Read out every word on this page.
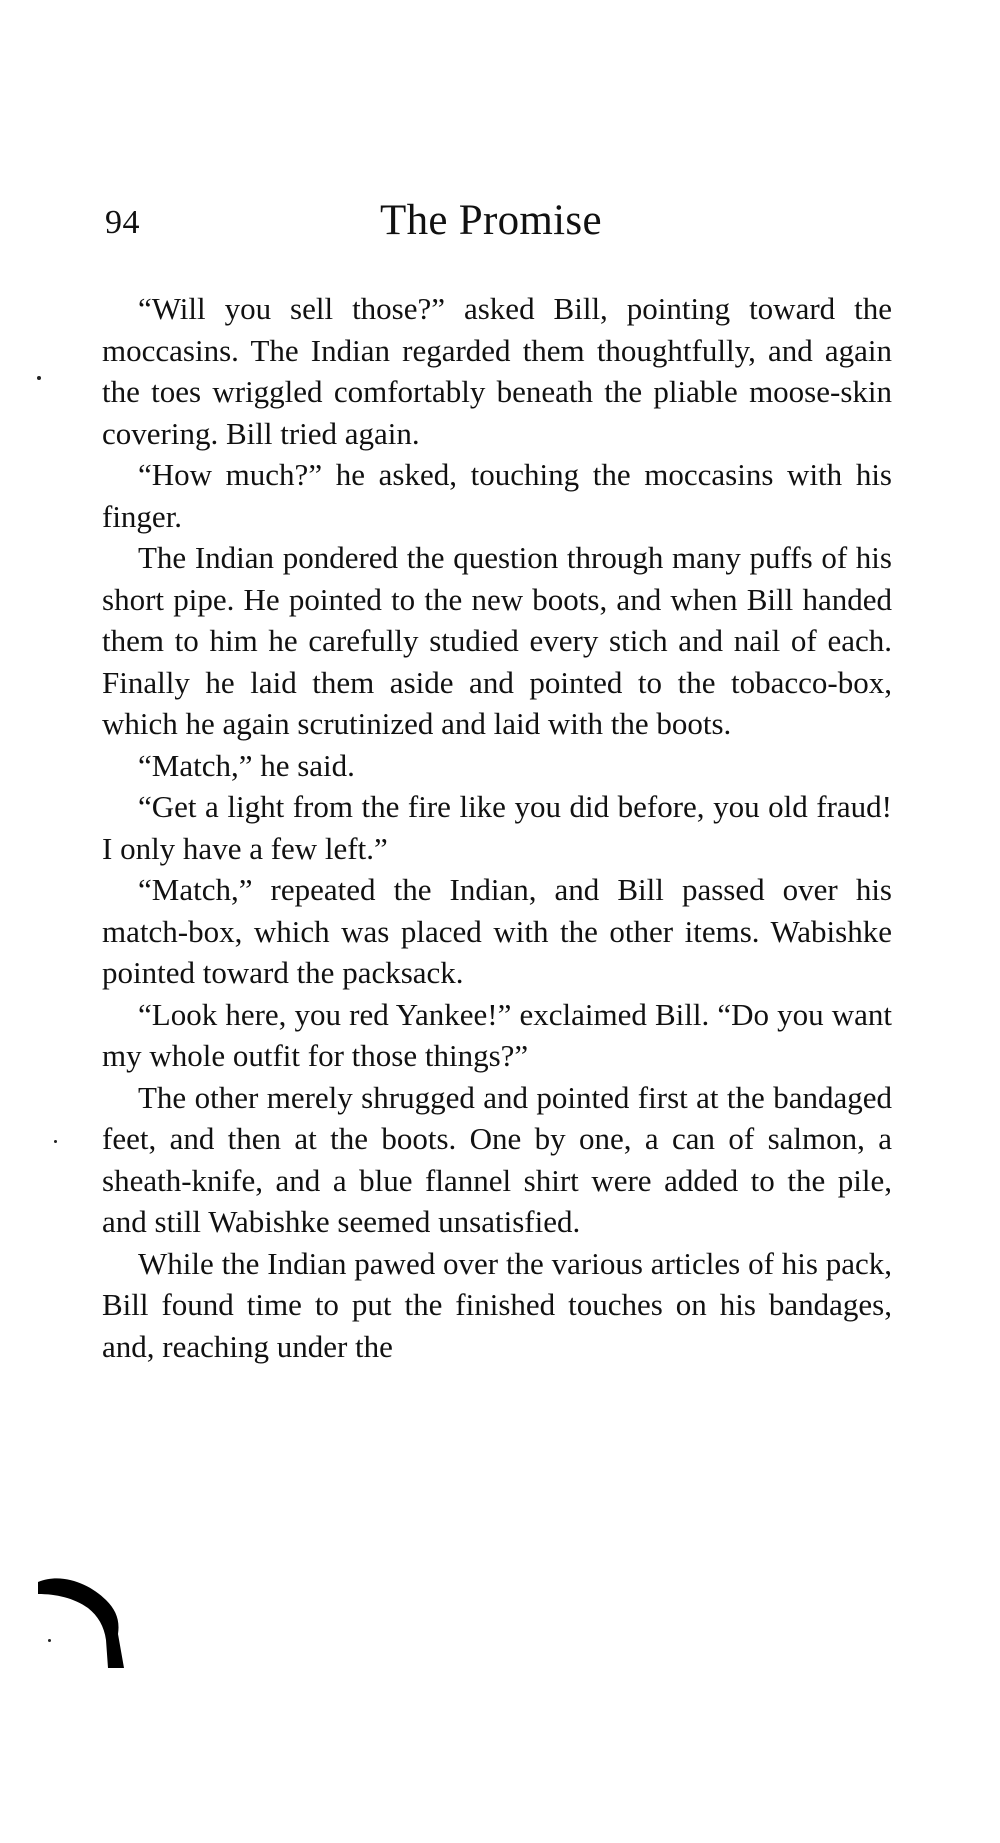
94	The Promise

“Will you sell those?” asked Bill, pointing toward the moccasins. The Indian regarded them thoughtfully, and again the toes wriggled comfortably beneath the pliable moose-skin covering. Bill tried again.

“How much?” he asked, touching the moccasins with his finger.

The Indian pondered the question through many puffs of his short pipe. He pointed to the new boots, and when Bill handed them to him he carefully studied every stich and nail of each. Finally he laid them aside and pointed to the tobacco-box, which he again scrutinized and laid with the boots.

“Match,” he said.

“Get a light from the fire like you did before, you old fraud! I only have a few left.”

“Match,” repeated the Indian, and Bill passed over his match-box, which was placed with the other items. Wabishke pointed toward the packsack.

“Look here, you red Yankee!” exclaimed Bill. “Do you want my whole outfit for those things?”

The other merely shrugged and pointed first at the bandaged feet, and then at the boots. One by one, a can of salmon, a sheath-knife, and a blue flannel shirt were added to the pile, and still Wabishke seemed unsatisfied.

While the Indian pawed over the various articles of his pack, Bill found time to put the finished touches on his bandages, and, reaching under the
